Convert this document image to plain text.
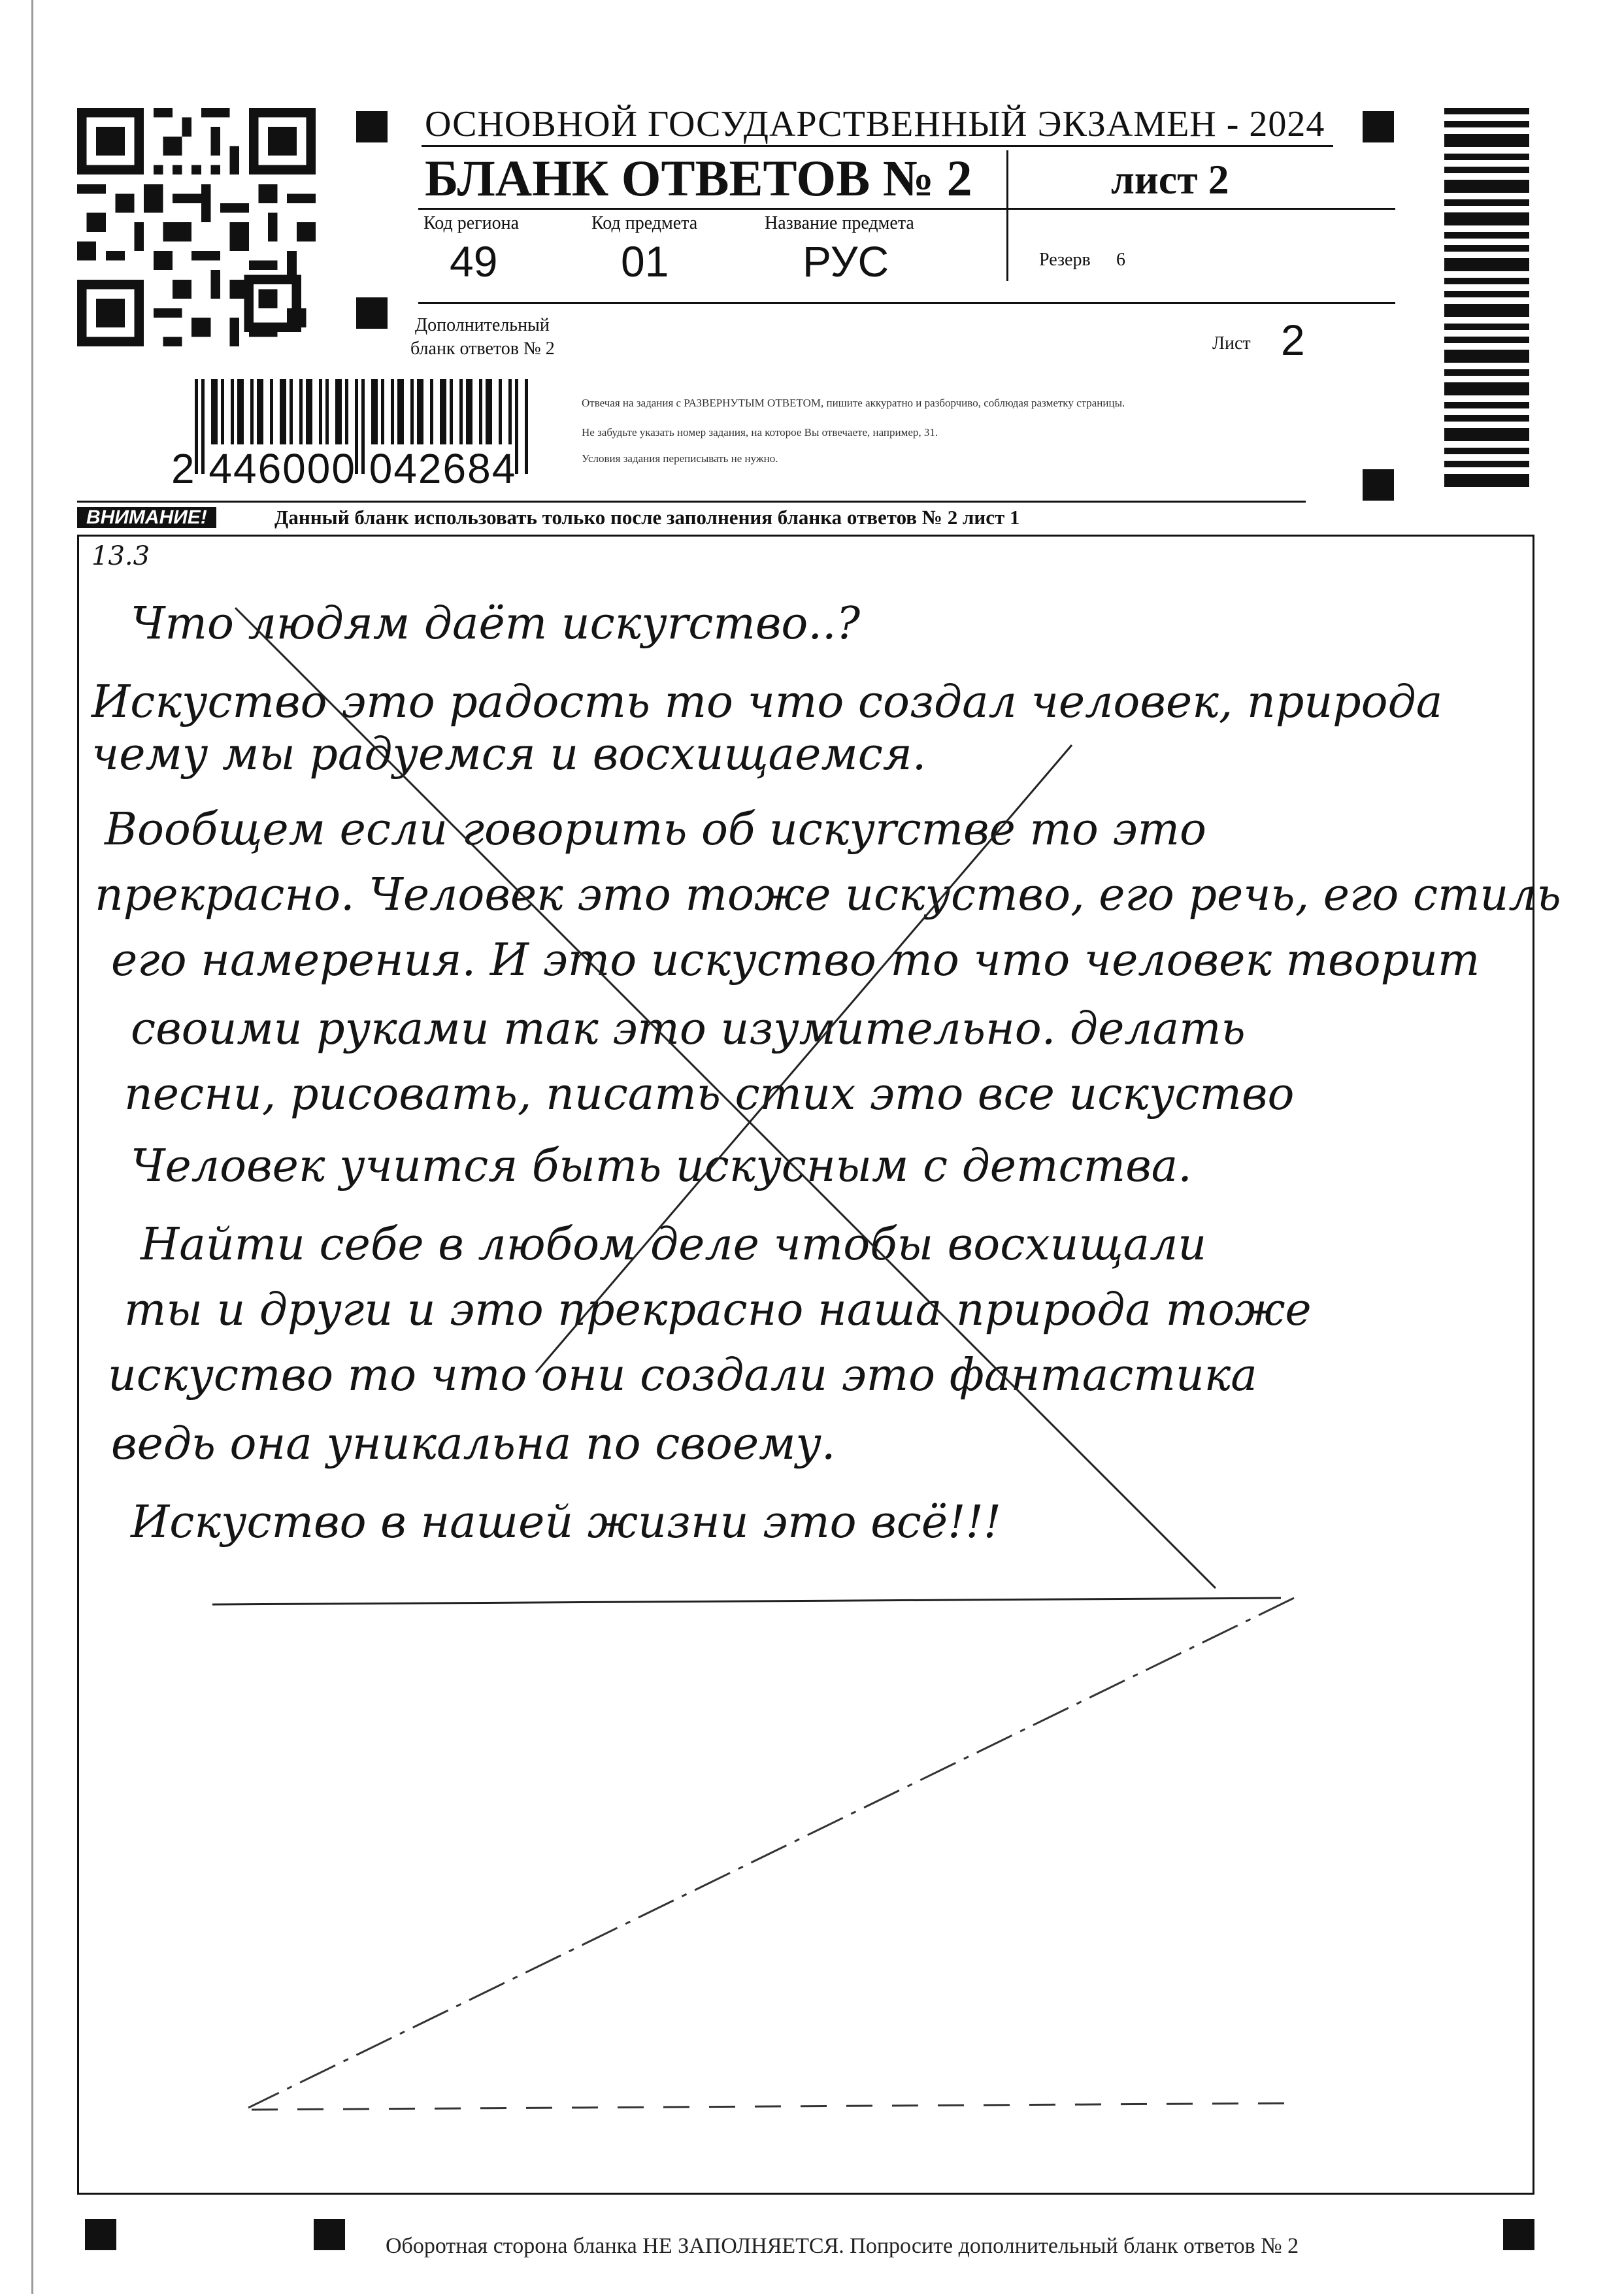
ОСНОВНОЙ ГОСУДАРСТВЕННЫЙ ЭКЗАМЕН - 2024
БЛАНК ОТВЕТОВ № 2	лист 2
Код региона
49
Код предмета
01
Название предмета
РУС	Резерв 6
Дополнительный
бланк ответов № 2	Лист 2
Отвечая на задания с РАЗВЕРНУТЫМ ОТВЕТОМ, пишите аккуратно и разборчиво, соблюдая разметку страницы.
Не забудьте указать номер задания, на которое Вы отвечаете, например, 31.
Условия задания переписывать не нужно.
2 446000 042684
ВНИМАНИЕ!	Данный бланк использовать только после заполнения бланка ответов № 2 лист 1
13.3
Что людям даёт искуrство..?
Искуство это радость то что создал человек, природа
чему мы радуемся и восхищаемся.
Вообщем если говорить об искуrстве то это
прекрасно. Человек это тоже искуство, его речь, его стиль
его намерения. И это искуство то что человек творит
своими руками так это изумительно. делать
песни, рисовать, писать стих это все искуство
Человек учится быть искусным с детства.
Найти себе в любом деле чтобы восхищали
ты и други и это прекрасно наша природа тоже
искуство то что они создали это фантастика
ведь она уникальна по своему.
Искуство в нашей жизни это всё!!!
Оборотная сторона бланка НЕ ЗАПОЛНЯЕТСЯ. Попросите дополнительный бланк ответов № 2
